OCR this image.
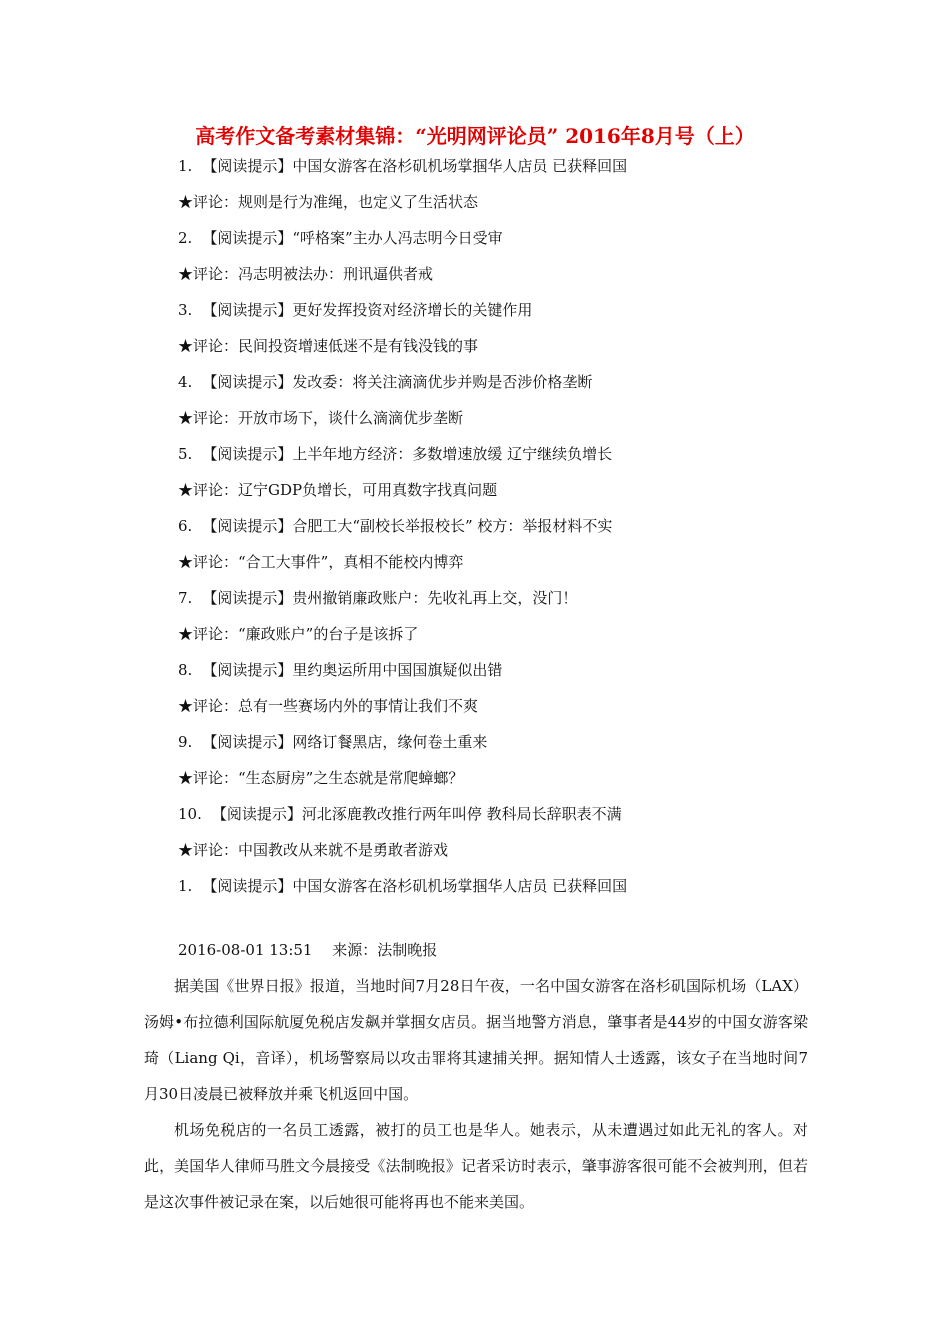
高考作文备考素材集锦：“光明网评论员” 2016年8月号（上）
1. 【阅读提示】中国女游客在洛杉矶机场掌掴华人店员 已获释回国
★评论：规则是行为准绳，也定义了生活状态
2. 【阅读提示】“呼格案”主办人冯志明今日受审
★评论：冯志明被法办：刑讯逼供者戒
3. 【阅读提示】更好发挥投资对经济增长的关键作用
★评论：民间投资增速低迷不是有钱没钱的事
4. 【阅读提示】发改委：将关注滴滴优步并购是否涉价格垄断
★评论：开放市场下，谈什么滴滴优步垄断
5. 【阅读提示】上半年地方经济：多数增速放缓 辽宁继续负增长
★评论：辽宁GDP负增长，可用真数字找真问题
6. 【阅读提示】合肥工大“副校长举报校长” 校方：举报材料不实
★评论：“合工大事件”，真相不能校内博弈
7. 【阅读提示】贵州撤销廉政账户：先收礼再上交，没门！
★评论：“廉政账户”的台子是该拆了
8. 【阅读提示】里约奥运所用中国国旗疑似出错
★评论：总有一些赛场内外的事情让我们不爽
9. 【阅读提示】网络订餐黑店，缘何卷土重来
★评论：“生态厨房”之生态就是常爬蟑螂？
10. 【阅读提示】河北涿鹿教改推行两年叫停 教科局长辞职表不满
★评论：中国教改从来就不是勇敢者游戏
1. 【阅读提示】中国女游客在洛杉矶机场掌掴华人店员 已获释回国
2016-08-01 13:51　 来源：法制晚报

据美国《世界日报》报道，当地时间7月28日午夜，一名中国女游客在洛杉矶国际机场（LAX）汤姆•布拉德利国际航厦免税店发飙并掌掴女店员。据当地警方消息，肇事者是44岁的中国女游客梁琦（Liang Qi，音译），机场警察局以攻击罪将其逮捕关押。据知情人士透露，该女子在当地时间7月30日凌晨已被释放并乘飞机返回中国。

机场免税店的一名员工透露，被打的员工也是华人。她表示，从未遭遇过如此无礼的客人。对此，美国华人律师马胜文今晨接受《法制晚报》记者采访时表示，肇事游客很可能不会被判刑，但若是这次事件被记录在案，以后她很可能将再也不能来美国。
